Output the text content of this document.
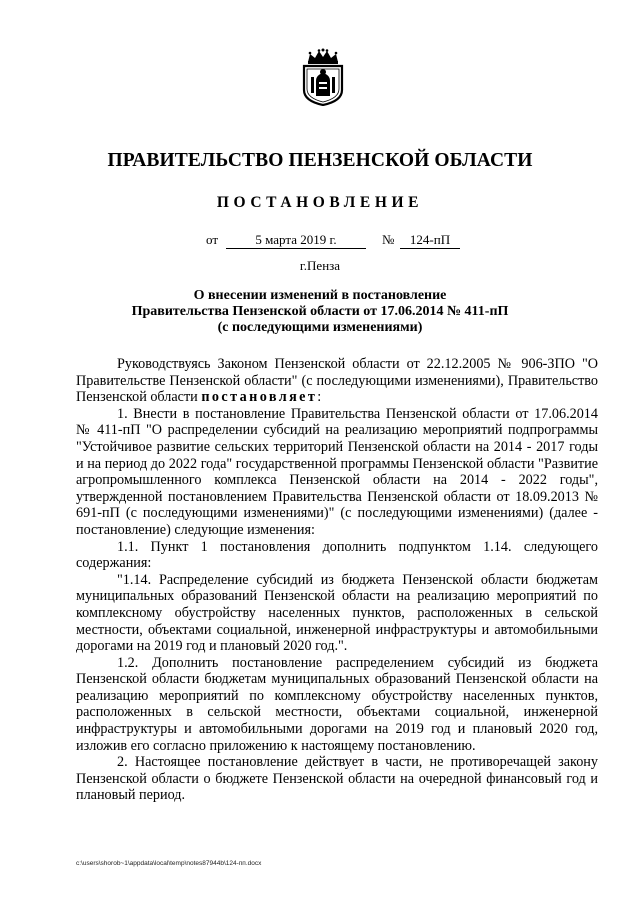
ПРАВИТЕЛЬСТВО ПЕНЗЕНСКОЙ ОБЛАСТИ
ПОСТАНОВЛЕНИЕ
от	5 марта 2019 г.	№	124-пП
г.Пенза
О внесении изменений в постановление
Правительства Пензенской области от 17.06.2014 № 411-пП
(с последующими изменениями)

Руководствуясь Законом Пензенской области от 22.12.2005 № 906-ЗПО "О Правительстве Пензенской области" (с последующими изменениями), Правительство Пензенской области постановляет:

1. Внести в постановление Правительства Пензенской области от 17.06.2014 № 411-пП "О распределении субсидий на реализацию мероприятий подпрограммы "Устойчивое развитие сельских территорий Пензенской области на 2014 - 2017 годы и на период до 2022 года" государственной программы Пензенской области "Развитие агропромышленного комплекса Пензенской области на 2014 - 2022 годы", утвержденной постановлением Правительства Пензенской области от 18.09.2013 № 691-пП (с последующими изменениями)" (с последующими изменениями) (далее - постановление) следующие изменения:

1.1. Пункт 1 постановления дополнить подпунктом 1.14. следующего содержания:

"1.14. Распределение субсидий из бюджета Пензенской области бюджетам муниципальных образований Пензенской области на реализацию мероприятий по комплексному обустройству населенных пунктов, расположенных в сельской местности, объектами социальной, инженерной инфраструктуры и автомобильными дорогами на 2019 год и плановый 2020 год.".

1.2. Дополнить постановление распределением субсидий из бюджета Пензенской области бюджетам муниципальных образований Пензенской области на реализацию мероприятий по комплексному обустройству населенных пунктов, расположенных в сельской местности, объектами социальной, инженерной инфраструктуры и автомобильными дорогами на 2019 год и плановый 2020 год, изложив его согласно приложению к настоящему постановлению.

2. Настоящее постановление действует в части, не противоречащей закону Пензенской области о бюджете Пензенской области на очередной финансовый год и плановый период.

c:\users\shorob~1\appdata\local\temp\notes87944b\124-пп.docx
